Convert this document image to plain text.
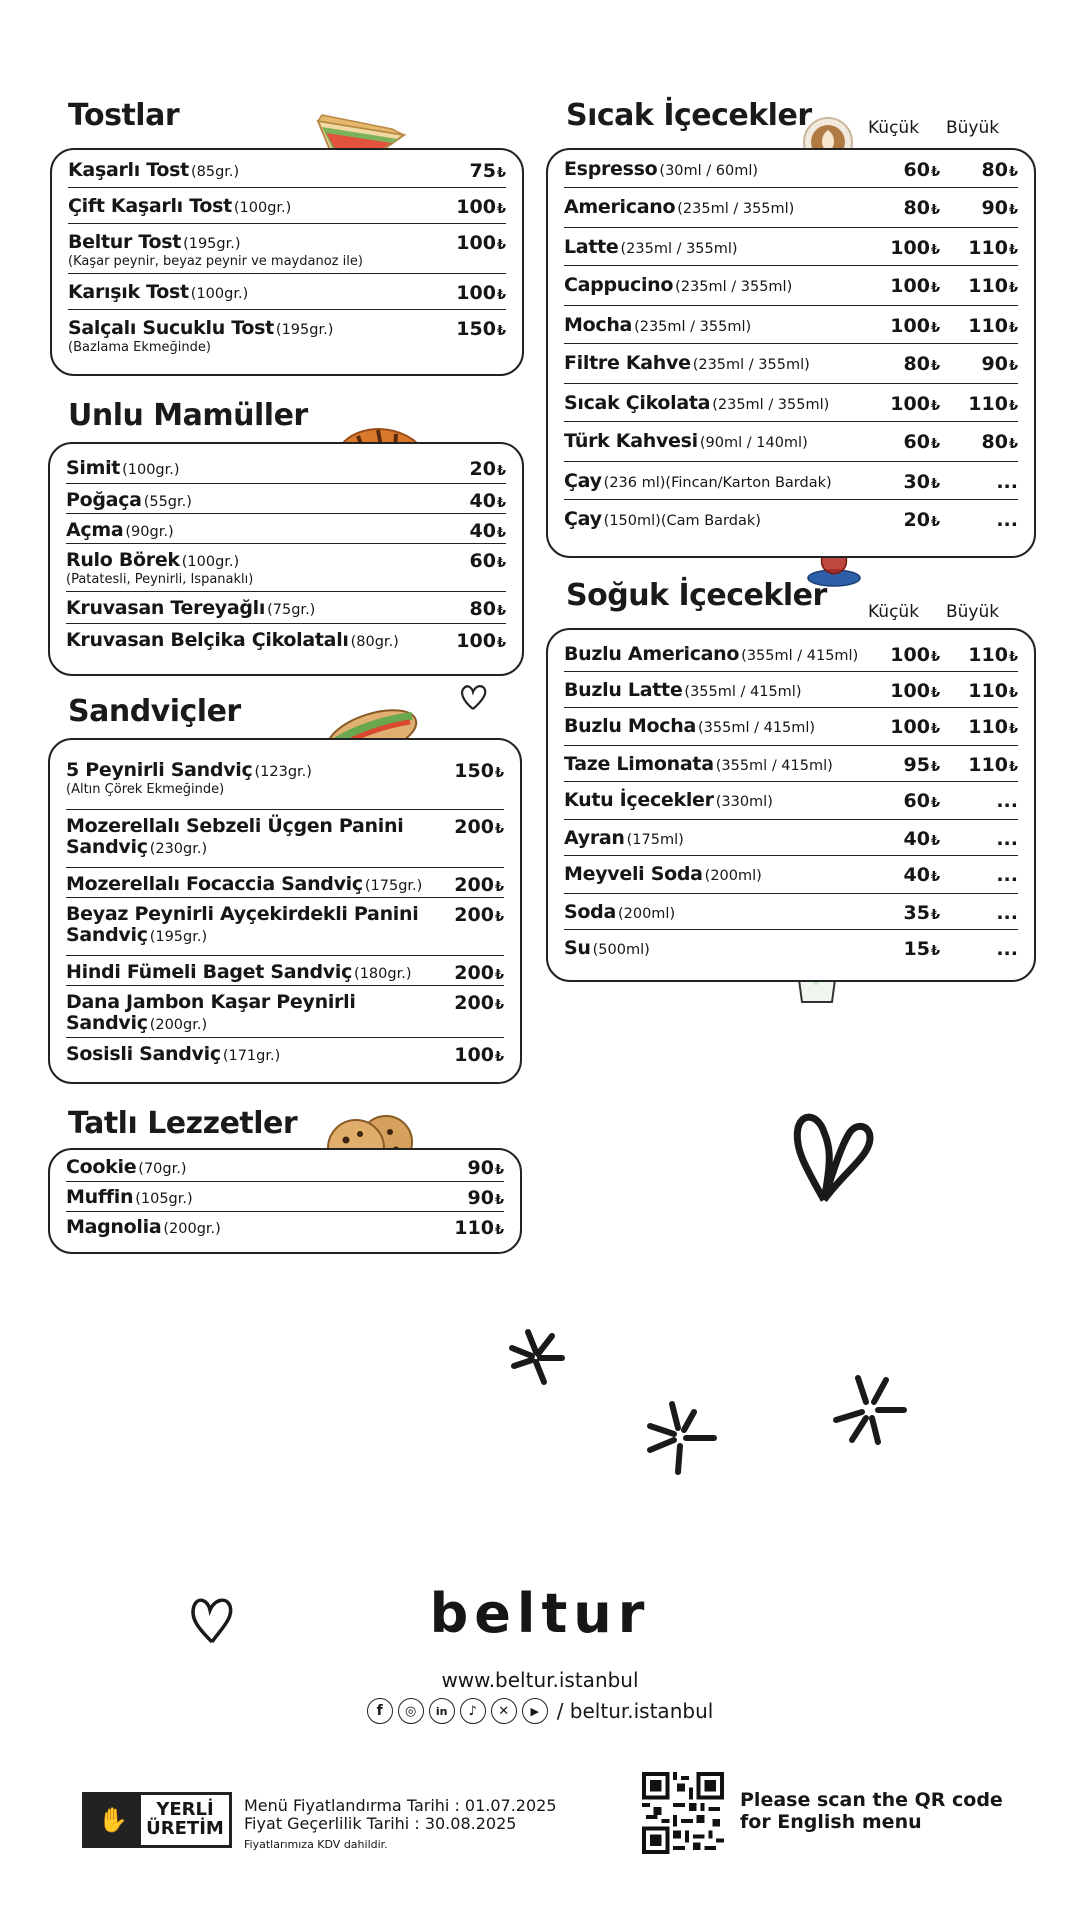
Tostlar
Kaşarlı Tost (85gr.)	75₺
Çift Kaşarlı Tost (100gr.)	100₺
Beltur Tost (195gr.)
(Kaşar peynir, beyaz peynir ve maydanoz ile)
100₺
Karışık Tost (100gr.)	100₺
Salçalı Sucuklu Tost (195gr.)
(Bazlama Ekmeğinde)
150₺
Unlu Mamüller
Simit (100gr.)	20₺
Poğaça (55gr.)	40₺
Açma (90gr.)	40₺
Rulo Börek (100gr.)
(Patatesli, Peynirli, Ispanaklı)
60₺
Kruvasan Tereyağlı (75gr.)	80₺
Kruvasan Belçika Çikolatalı (80gr.)	100₺
Sandviçler
5 Peynirli Sandviç (123gr.)
(Altın Çörek Ekmeğinde)
150₺
Mozerellalı Sebzeli Üçgen Panini Sandviç (230gr.)
200₺
Mozerellalı Focaccia Sandviç (175gr.)	200₺
Beyaz Peynirli Ayçekirdekli Panini Sandviç (195gr.)
200₺
Hindi Fümeli Baget Sandviç (180gr.)	200₺
Dana Jambon Kaşar Peynirli Sandviç (200gr.)
200₺
Sosisli Sandviç (171gr.)	100₺
Tatlı Lezzetler
Cookie (70gr.)	90₺
Muffin (105gr.)	90₺
Magnolia (200gr.)	110₺
Sıcak İçecekler	Küçük Büyük
Espresso (30ml / 60ml)	60₺	80₺
Americano (235ml / 355ml)	80₺	90₺
Latte (235ml / 355ml)	100₺	110₺
Cappucino (235ml / 355ml)	100₺	110₺
Mocha (235ml / 355ml)	100₺	110₺
Filtre Kahve (235ml / 355ml)	80₺	90₺
Sıcak Çikolata (235ml / 355ml)	100₺	110₺
Türk Kahvesi (90ml / 140ml)	60₺	80₺
Çay (236 ml)(Fincan/Karton Bardak)	30₺	...
Çay (150ml)(Cam Bardak)	20₺	...
Soğuk İçecekler Küçük Büyük
Buzlu Americano (355ml / 415ml)	100₺	110₺
Buzlu Latte (355ml / 415ml)	100₺	110₺
Buzlu Mocha (355ml / 415ml)	100₺	110₺
Taze Limonata (355ml / 415ml)	95₺	110₺
Kutu İçecekler (330ml)	60₺	...
Ayran (175ml)	40₺	...
Meyveli Soda (200ml)	40₺	...
Soda (200ml)	35₺	...
Su (500ml)	15₺	...
beltur
www.beltur.istanbul
f	◎	in	♪	✕	▶ / beltur.istanbul
✋	YERLİ
ÜRETİM
Menü Fiyatlandırma Tarihi : 01.07.2025
Fiyat Geçerlilik Tarihi : 30.08.2025
Fiyatlarımıza KDV dahildir.
Please scan the QR code
for English menu
